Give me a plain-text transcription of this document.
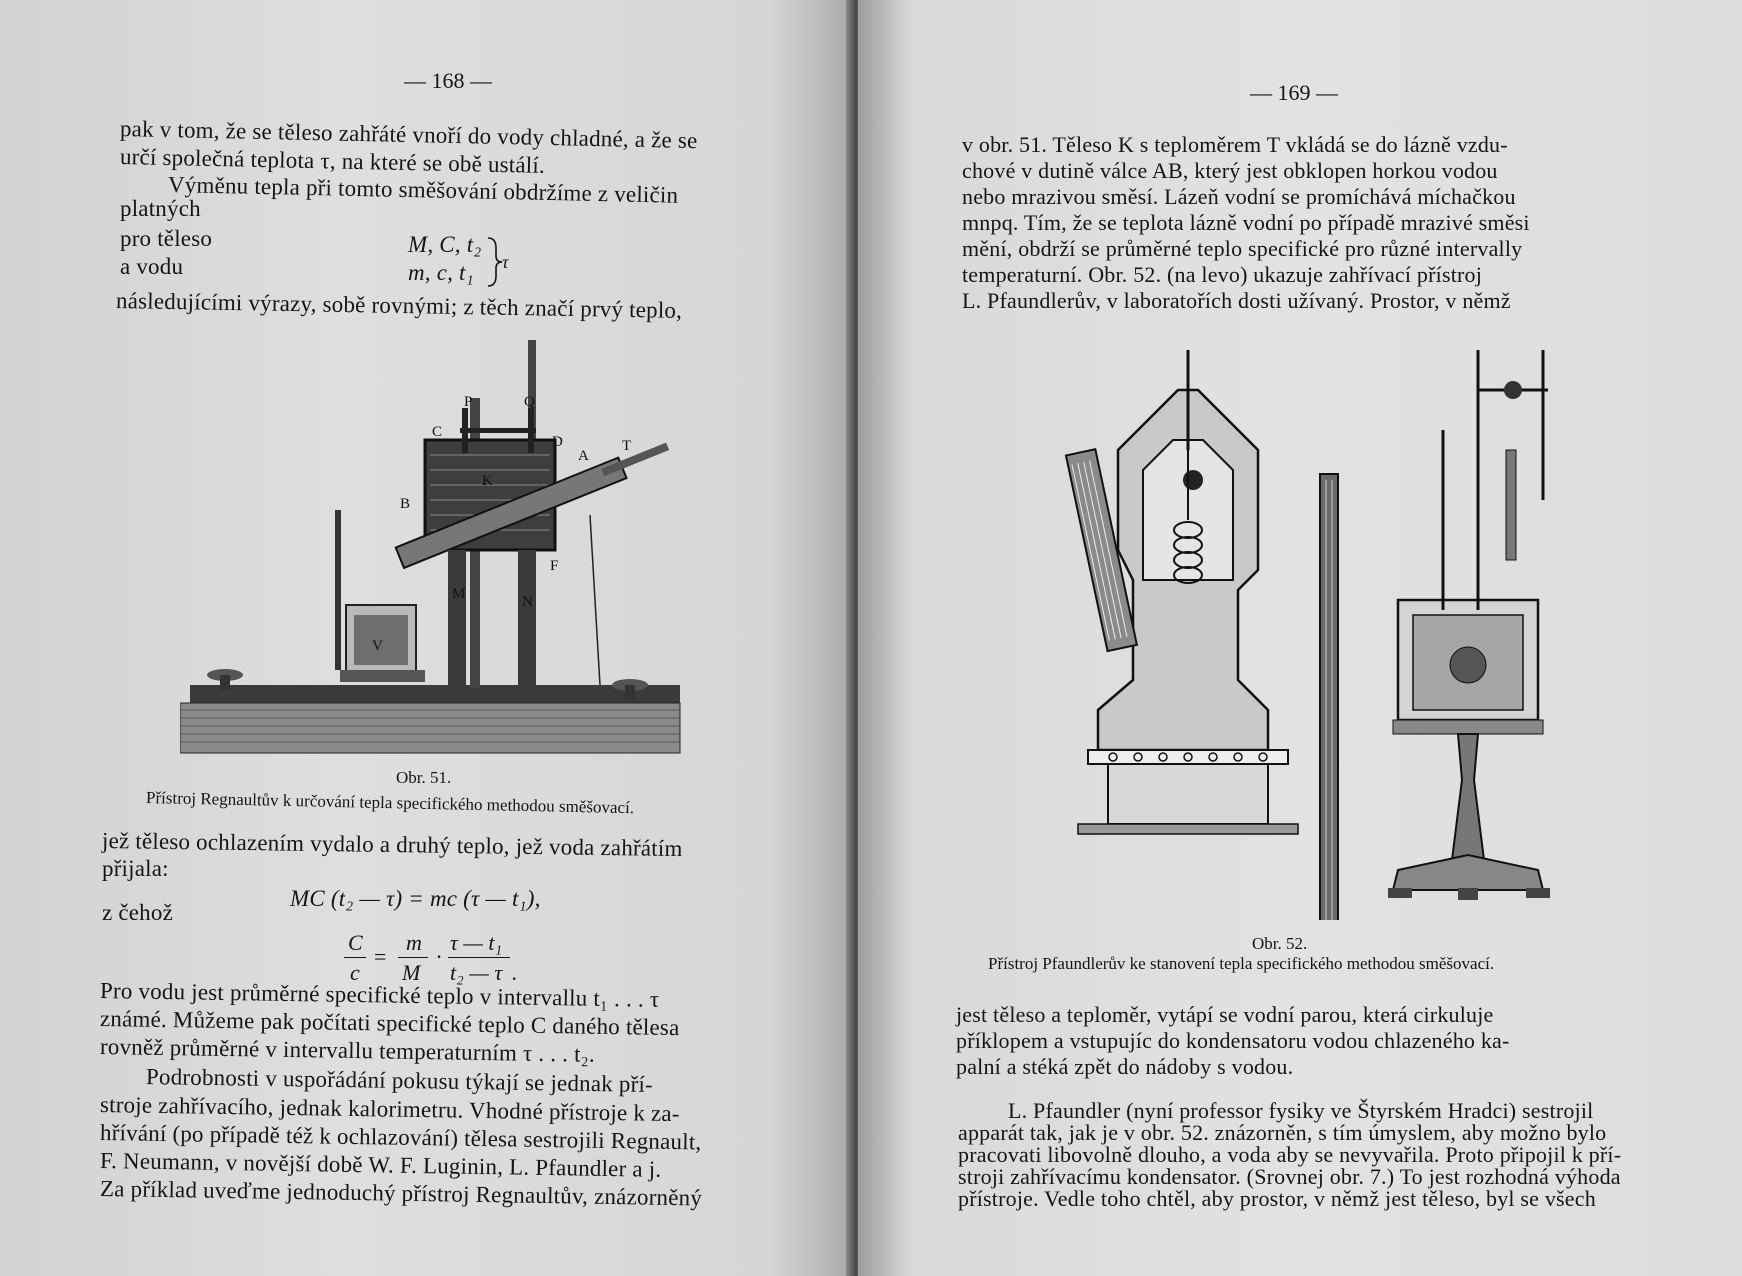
— 168 —
pak v tom, že se těleso zahřáté vnoří do vody chladné, a že se
určí společná teplota τ, na které se obě ustálí.
Výměnu tepla při tomto směšování obdržíme z veličin
platných
pro těleso	M, C, t₂
a vodu	m, c, t₁ τ
následujícími výrazy, sobě rovnými; z těch značí prvý teplo,
P	Q
C
D	T
A
B
F
K
M	N
V
Obr. 51.
Přístroj Regnaultův k určování tepla specifického methodou směšovací.
jež těleso ochlazením vydalo a druhý teplo, jež voda zahřátím
přijala:
MC (t₂ — τ) = mc (τ — t₁),
z čehož
C
c
=
m
M
·
τ — t₁
t₂ — τ .
Pro vodu jest průměrné specifické teplo v intervallu t₁ . . . τ
známé. Můžeme pak počítati specifické teplo C daného tělesa
rovněž průměrné v intervallu temperaturním τ . . . t₂.
Podrobnosti v uspořádání pokusu týkají se jednak pří-
stroje zahřívacího, jednak kalorimetru. Vhodné přístroje k za-
hřívání (po případě též k ochlazování) tělesa sestrojili Regnault,
F. Neumann, v novější době W. F. Luginin, L. Pfaundler a j.
Za příklad uveďme jednoduchý přístroj Regnaultův, znázorněný
— 169 —
v obr. 51. Těleso K s teploměrem T vkládá se do lázně vzdu-
chové v dutině válce AB, který jest obklopen horkou vodou
nebo mrazivou směsí. Lázeň vodní se promíchává míchačkou
mnpq. Tím, že se teplota lázně vodní po případě mrazivé směsi
mění, obdrží se průměrné teplo specifické pro různé intervally
temperaturní. Obr. 52. (na levo) ukazuje zahřívací přístroj
L. Pfaundlerův, v laboratořích dosti užívaný. Prostor, v němž
Obr. 52.
Přístroj Pfaundlerův ke stanovení tepla specifického methodou směšovací.
jest těleso a teploměr, vytápí se vodní parou, která cirkuluje
příklopem a vstupujíc do kondensatoru vodou chlazeného ka-
palní a stéká zpět do nádoby s vodou.
L. Pfaundler (nyní professor fysiky ve Štyrském Hradci) sestrojil
apparát tak, jak je v obr. 52. znázorněn, s tím úmyslem, aby možno bylo
pracovati libovolně dlouho, a voda aby se nevyvařila. Proto připojil k pří-
stroji zahřívacímu kondensator. (Srovnej obr. 7.) To jest rozhodná výhoda
přístroje. Vedle toho chtěl, aby prostor, v němž jest těleso, byl se všech
